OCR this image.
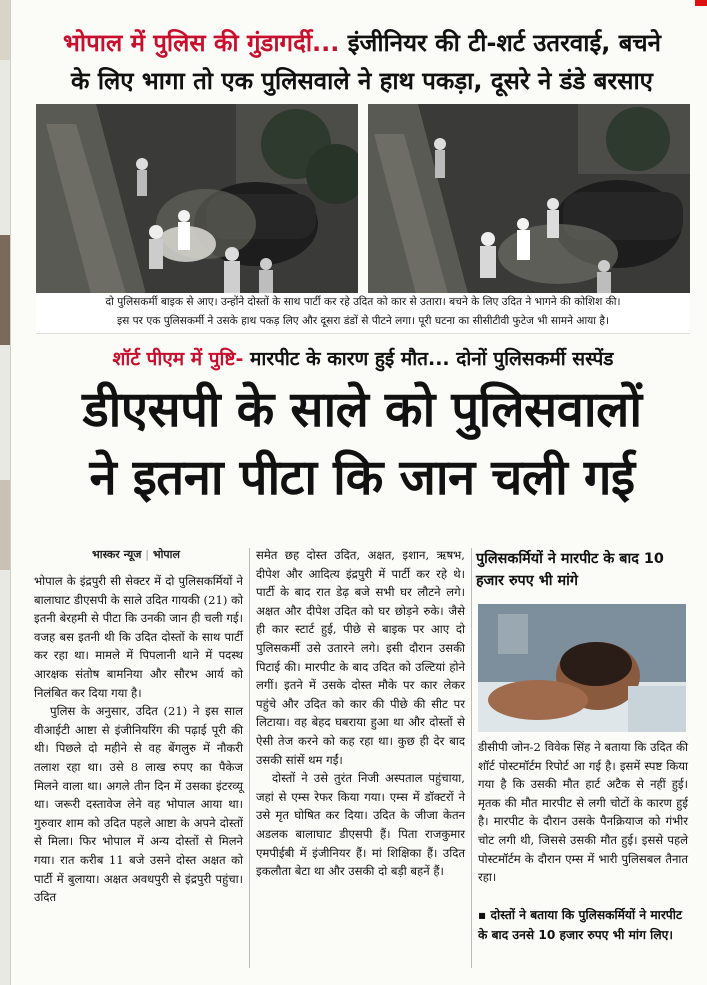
भोपाल में पुलिस की गुंडागर्दी... इंजीनियर की टी-शर्ट उतरवाई, बचने
के लिए भागा तो एक पुलिसवाले ने हाथ पकड़ा, दूसरे ने डंडे बरसाए
दो पुलिसकर्मी बाइक से आए। उन्होंने दोस्तों के साथ पार्टी कर रहे उदित को कार से उतारा। बचने के लिए उदित ने भागने की कोशिश की।
इस पर एक पुलिसकर्मी ने उसके हाथ पकड़ लिए और दूसरा डंडों से पीटने लगा। पूरी घटना का सीसीटीवी फुटेज भी सामने आया है।
शॉर्ट पीएम में पुष्टि- मारपीट के कारण हुई मौत... दोनों पुलिसकर्मी सस्पेंड
डीएसपी के साले को पुलिसवालों
ने इतना पीटा कि जान चली गई
भास्कर न्यूज | भोपाल

भोपाल के इंद्रपुरी सी सेक्टर में दो पुलिसकर्मियों ने बालाघाट डीएसपी के साले उदित गायकी (21) को इतनी बेरहमी से पीटा कि उनकी जान ही चली गई। वजह बस इतनी थी कि उदित दोस्तों के साथ पार्टी कर रहा था। मामले में पिपलानी थाने में पदस्थ आरक्षक संतोष बामनिया और सौरभ आर्य को निलंबित कर दिया गया है।

पुलिस के अनुसार, उदित (21) ने इस साल वीआईटी आष्टा से इंजीनियरिंग की पढ़ाई पूरी की थी। पिछले दो महीने से वह बेंगलुरु में नौकरी तलाश रहा था। उसे 8 लाख रुपए का पैकेज मिलने वाला था। अगले तीन दिन में उसका इंटरव्यू था। जरूरी दस्तावेज लेने वह भोपाल आया था। गुरुवार शाम को उदित पहले आष्टा के अपने दोस्तों से मिला। फिर भोपाल में अन्य दोस्तों से मिलने गया। रात करीब 11 बजे उसने दोस्त अक्षत को पार्टी में बुलाया। अक्षत अवधपुरी से इंद्रपुरी पहुंचा। उदित

समेत छह दोस्त उदित, अक्षत, इशान, ऋषभ, दीपेश और आदित्य इंद्रपुरी में पार्टी कर रहे थे। पार्टी के बाद रात डेढ़ बजे सभी घर लौटने लगे। अक्षत और दीपेश उदित को घर छोड़ने रुके। जैसे ही कार स्टार्ट हुई, पीछे से बाइक पर आए दो पुलिसकर्मी उसे उतारने लगे। इसी दौरान उसकी पिटाई की। मारपीट के बाद उदित को उल्टियां होने लगीं। इतने में उसके दोस्त मौके पर कार लेकर पहुंचे और उदित को कार की पीछे की सीट पर लिटाया। वह बेहद घबराया हुआ था और दोस्तों से ऐसी तेज करने को कह रहा था। कुछ ही देर बाद उसकी सांसें थम गईं।

दोस्तों ने उसे तुरंत निजी अस्पताल पहुंचाया, जहां से एम्स रेफर किया गया। एम्स में डॉक्टरों ने उसे मृत घोषित कर दिया। उदित के जीजा केतन अडलक बालाघाट डीएसपी हैं। पिता राजकुमार एमपीईबी में इंजीनियर हैं। मां शिक्षिका हैं। उदित इकलौता बेटा था और उसकी दो बड़ी बहनें हैं।

पुलिसकर्मियों ने मारपीट के बाद 10 हजार रुपए भी मांगे

डीसीपी जोन-2 विवेक सिंह ने बताया कि उदित की शॉर्ट पोस्टमॉर्टम रिपोर्ट आ गई है। इसमें स्पष्ट किया गया है कि उसकी मौत हार्ट अटैक से नहीं हुई। मृतक की मौत मारपीट से लगी चोटों के कारण हुई है। मारपीट के दौरान उसके पैनक्रियाज को गंभीर चोट लगी थी, जिससे उसकी मौत हुई। इससे पहले पोस्टमॉर्टम के दौरान एम्स में भारी पुलिसबल तैनात रहा।

▪ दोस्तों ने बताया कि पुलिसकर्मियों ने मारपीट के बाद उनसे 10 हजार रुपए भी मांग लिए।
